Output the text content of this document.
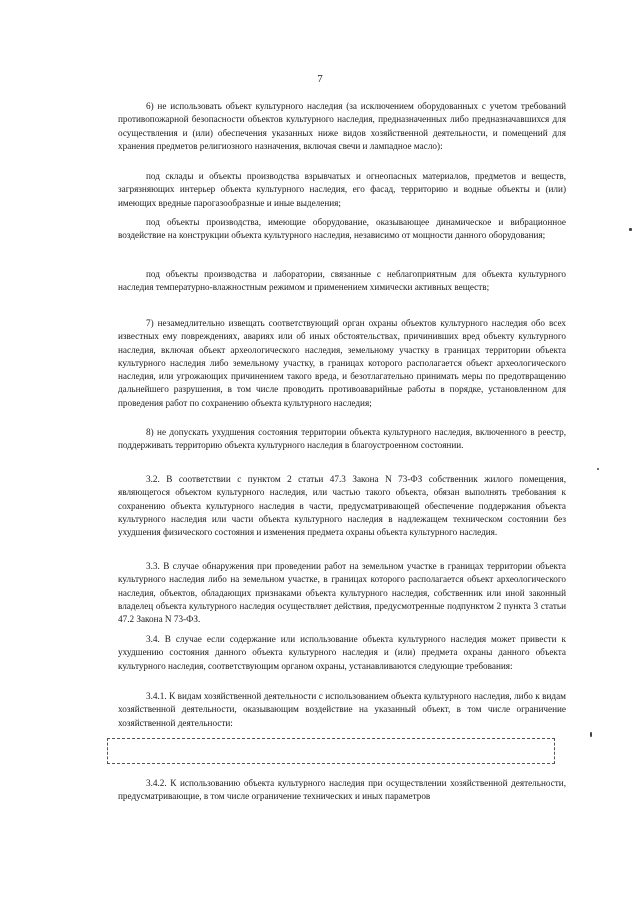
7

6) не использовать объект культурного наследия (за исключением оборудованных с учетом требований противопожарной безопасности объектов культурного наследия, предназначенных либо предназначавшихся для осуществления и (или) обеспечения указанных ниже видов хозяйственной деятельности, и помещений для хранения предметов религиозного назначения, включая свечи и лампадное масло):

под склады и объекты производства взрывчатых и огнеопасных материалов, предметов и веществ, загрязняющих интерьер объекта культурного наследия, его фасад, территорию и водные объекты и (или) имеющих вредные парогазообразные и иные выделения;

под объекты производства, имеющие оборудование, оказывающее динамическое и вибрационное воздействие на конструкции объекта культурного наследия, независимо от мощности данного оборудования;

под объекты производства и лаборатории, связанные с неблагоприятным для объекта культурного наследия температурно-влажностным режимом и применением химически активных веществ;

7) незамедлительно извещать соответствующий орган охраны объектов культурного наследия обо всех известных ему повреждениях, авариях или об иных обстоятельствах, причинивших вред объекту культурного наследия, включая объект археологического наследия, земельному участку в границах территории объекта культурного наследия либо земельному участку, в границах которого располагается объект археологического наследия, или угрожающих причинением такого вреда, и безотлагательно принимать меры по предотвращению дальнейшего разрушения, в том числе проводить противоаварийные работы в порядке, установленном для проведения работ по сохранению объекта культурного наследия;

8) не допускать ухудшения состояния территории объекта культурного наследия, включенного в реестр, поддерживать территорию объекта культурного наследия в благоустроенном состоянии.

3.2. В соответствии с пунктом 2 статьи 47.3 Закона N 73-ФЗ собственник жилого помещения, являющегося объектом культурного наследия, или частью такого объекта, обязан выполнять требования к сохранению объекта культурного наследия в части, предусматривающей обеспечение поддержания объекта культурного наследия или части объекта культурного наследия в надлежащем техническом состоянии без ухудшения физического состояния и изменения предмета охраны объекта культурного наследия.

3.3. В случае обнаружения при проведении работ на земельном участке в границах территории объекта культурного наследия либо на земельном участке, в границах которого располагается объект археологического наследия, объектов, обладающих признаками объекта культурного наследия, собственник или иной законный владелец объекта культурного наследия осуществляет действия, предусмотренные подпунктом 2 пункта 3 статьи 47.2 Закона N 73-ФЗ.

3.4. В случае если содержание или использование объекта культурного наследия может привести к ухудшению состояния данного объекта культурного наследия и (или) предмета охраны данного объекта культурного наследия, соответствующим органом охраны, устанавливаются следующие требования:

3.4.1. К видам хозяйственной деятельности с использованием объекта культурного наследия, либо к видам хозяйственной деятельности, оказывающим воздействие на указанный объект, в том числе ограничение хозяйственной деятельности:

3.4.2. К использованию объекта культурного наследия при осуществлении хозяйственной деятельности, предусматривающие, в том числе ограничение технических и иных параметров
